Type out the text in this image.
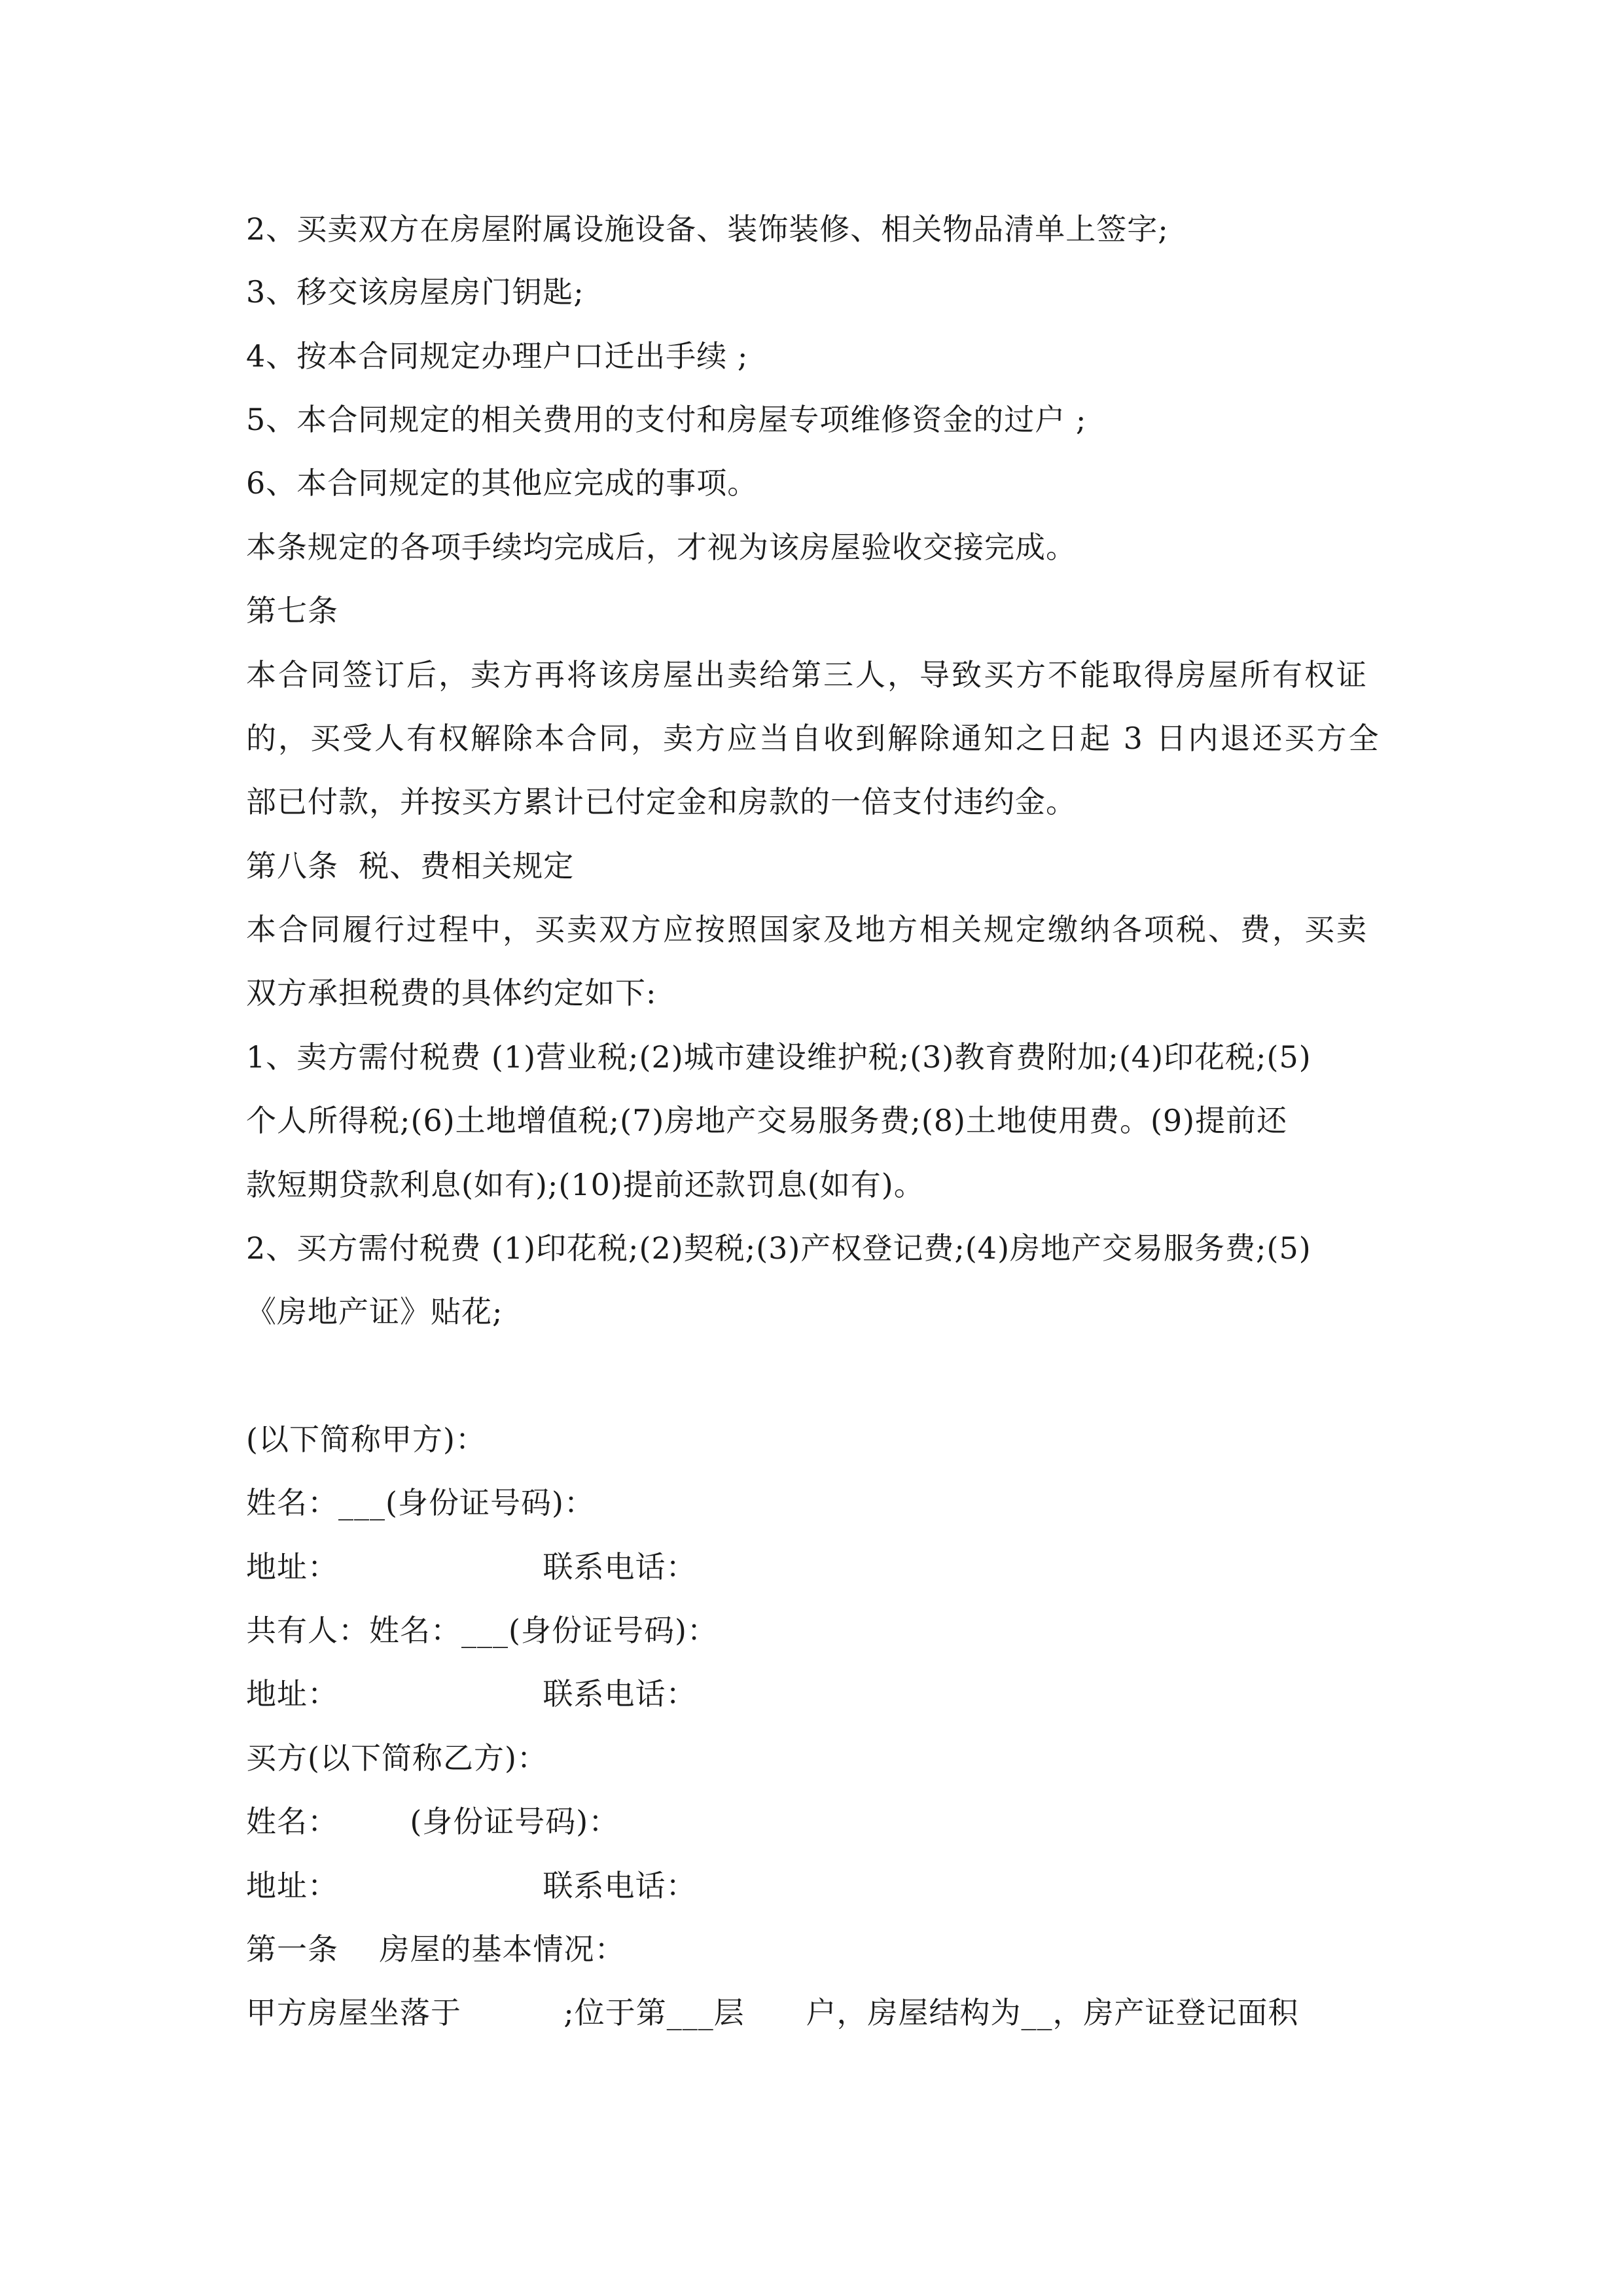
2、买卖双方在房屋附属设施设备、装饰装修、相关物品清单上签字;
3、移交该房屋房门钥匙;
4、按本合同规定办理户口迁出手续 ;
5、本合同规定的相关费用的支付和房屋专项维修资金的过户 ;
6、本合同规定的其他应完成的事项。
本条规定的各项手续均完成后，才视为该房屋验收交接完成。
第七条
本合同签订后，卖方再将该房屋出卖给第三人，导致买方不能取得房屋所有权证
的，买受人有权解除本合同，卖方应当自收到解除通知之日起 3 日内退还买方全
部已付款，并按买方累计已付定金和房款的一倍支付违约金。
第八条  税、费相关规定
本合同履行过程中，买卖双方应按照国家及地方相关规定缴纳各项税、费，买卖
双方承担税费的具体约定如下:
1、卖方需付税费 (1)营业税;(2)城市建设维护税;(3)教育费附加;(4)印花税;(5)
个人所得税;(6)土地增值税;(7)房地产交易服务费;(8)土地使用费。(9)提前还
款短期贷款利息(如有);(10)提前还款罚息(如有)。
2、买方需付税费 (1)印花税;(2)契税;(3)产权登记费;(4)房地产交易服务费;(5)
《房地产证》贴花;
(以下简称甲方)：
姓名：___(身份证号码)：
地址：                    联系电话：
共有人：姓名：___(身份证号码)：
地址：                    联系电话：
买方(以下简称乙方)：
姓名：       (身份证号码)：
地址：                    联系电话：
第一条    房屋的基本情况：
甲方房屋坐落于          ;位于第___层      户，房屋结构为__，房产证登记面积
